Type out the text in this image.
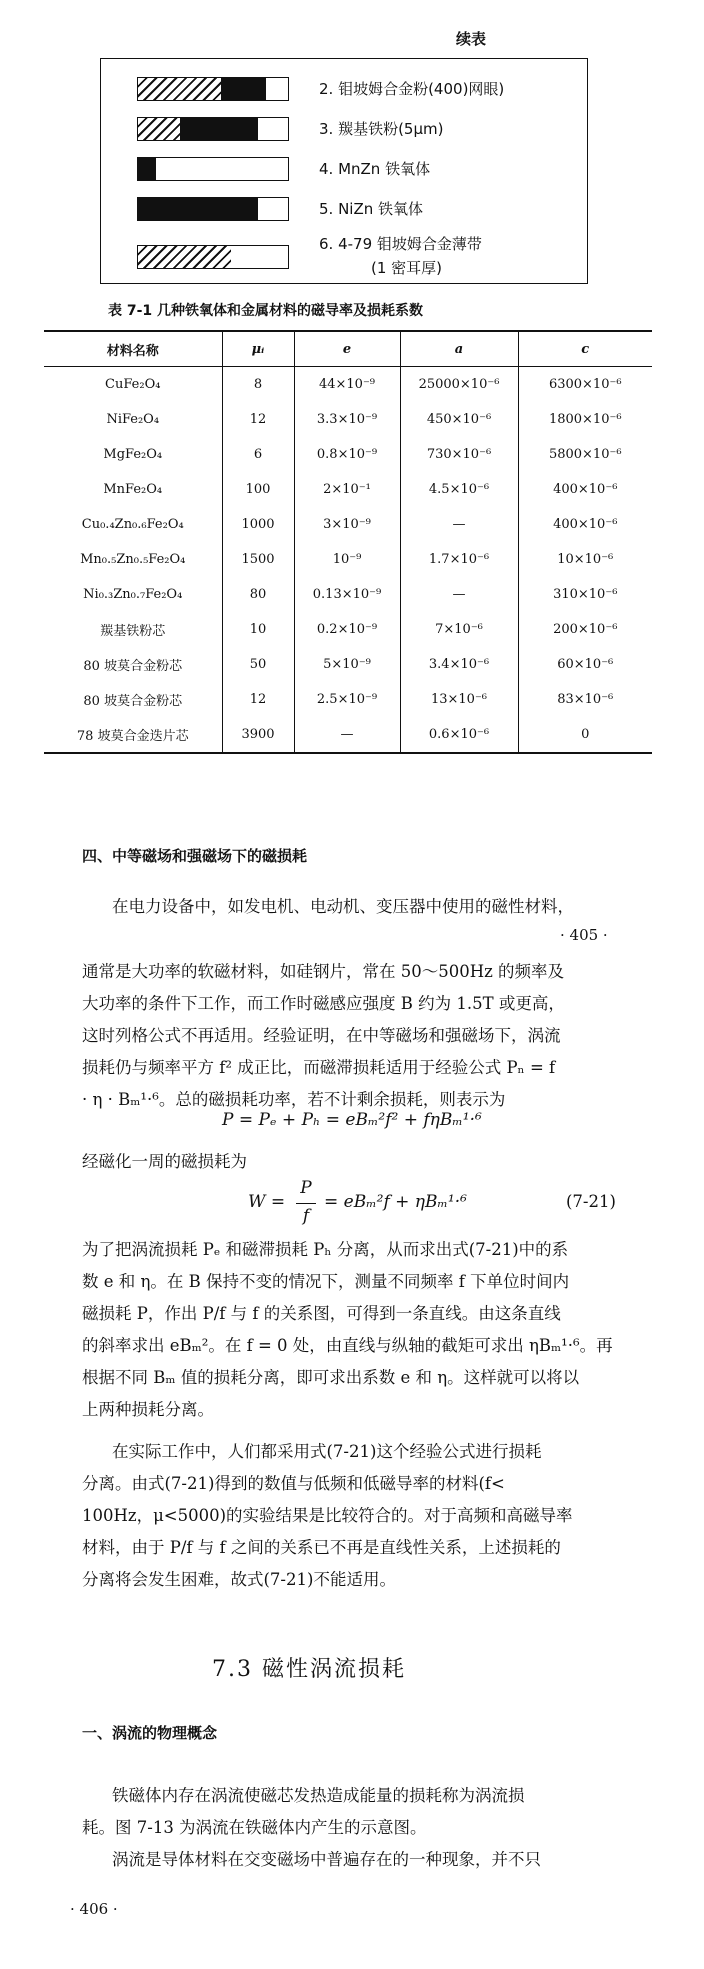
续表
2. 钼坡姆合金粉(400)网眼)
3. 羰基铁粉(5μm)
4. MnZn 铁氧体
5. NiZn 铁氧体
6. 4-79 钼坡姆合金薄带
(1 密耳厚)
表 7-1 几种铁氧体和金属材料的磁导率及损耗系数
材料名称	μᵢ	e	a	c
CuFe₂O₄	8	44×10⁻⁹	25000×10⁻⁶	6300×10⁻⁶
NiFe₂O₄	12	3.3×10⁻⁹	450×10⁻⁶	1800×10⁻⁶
MgFe₂O₄	6	0.8×10⁻⁹	730×10⁻⁶	5800×10⁻⁶
MnFe₂O₄	100	2×10⁻¹	4.5×10⁻⁶	400×10⁻⁶
Cu₀.₄Zn₀.₆Fe₂O₄	1000	3×10⁻⁹	—	400×10⁻⁶
Mn₀.₅Zn₀.₅Fe₂O₄	1500	10⁻⁹	1.7×10⁻⁶	10×10⁻⁶
Ni₀.₃Zn₀.₇Fe₂O₄	80	0.13×10⁻⁹	—	310×10⁻⁶
羰基铁粉芯	10	0.2×10⁻⁹	7×10⁻⁶	200×10⁻⁶
80 坡莫合金粉芯	50	5×10⁻⁹	3.4×10⁻⁶	60×10⁻⁶
80 坡莫合金粉芯	12	2.5×10⁻⁹	13×10⁻⁶	83×10⁻⁶
78 坡莫合金迭片芯	3900	—	0.6×10⁻⁶	0
四、中等磁场和强磁场下的磁损耗
在电力设备中，如发电机、电动机、变压器中使用的磁性材料，
· 405 ·
通常是大功率的软磁材料，如硅钢片，常在 50～500Hz 的频率及
大功率的条件下工作，而工作时磁感应强度 B 约为 1.5T 或更高，
这时列格公式不再适用。经验证明，在中等磁场和强磁场下，涡流
损耗仍与频率平方 f² 成正比，而磁滞损耗适用于经验公式 Pₙ = f
· η · Bₘ¹·⁶。总的磁损耗功率，若不计剩余损耗，则表示为
P = Pₑ + Pₕ = eBₘ²f² + fηBₘ¹·⁶
经磁化一周的磁损耗为
W =
P
f
= eBₘ²f + ηBₘ¹·⁶	(7-21)
为了把涡流损耗 Pₑ 和磁滞损耗 Pₕ 分离，从而求出式(7-21)中的系
数 e 和 η。在 B 保持不变的情况下，测量不同频率 f 下单位时间内
磁损耗 P，作出 P/f 与 f 的关系图，可得到一条直线。由这条直线
的斜率求出 eBₘ²。在 f = 0 处，由直线与纵轴的截矩可求出 ηBₘ¹·⁶。再
根据不同 Bₘ 值的损耗分离，即可求出系数 e 和 η。这样就可以将以
上两种损耗分离。
在实际工作中，人们都采用式(7-21)这个经验公式进行损耗
分离。由式(7-21)得到的数值与低频和低磁导率的材料(f<
100Hz，μ<5000)的实验结果是比较符合的。对于高频和高磁导率
材料，由于 P/f 与 f 之间的关系已不再是直线性关系，上述损耗的
分离将会发生困难，故式(7-21)不能适用。
7.3 磁性涡流损耗
一、涡流的物理概念
铁磁体内存在涡流使磁芯发热造成能量的损耗称为涡流损
耗。图 7-13 为涡流在铁磁体内产生的示意图。
涡流是导体材料在交变磁场中普遍存在的一种现象，并不只
· 406 ·
